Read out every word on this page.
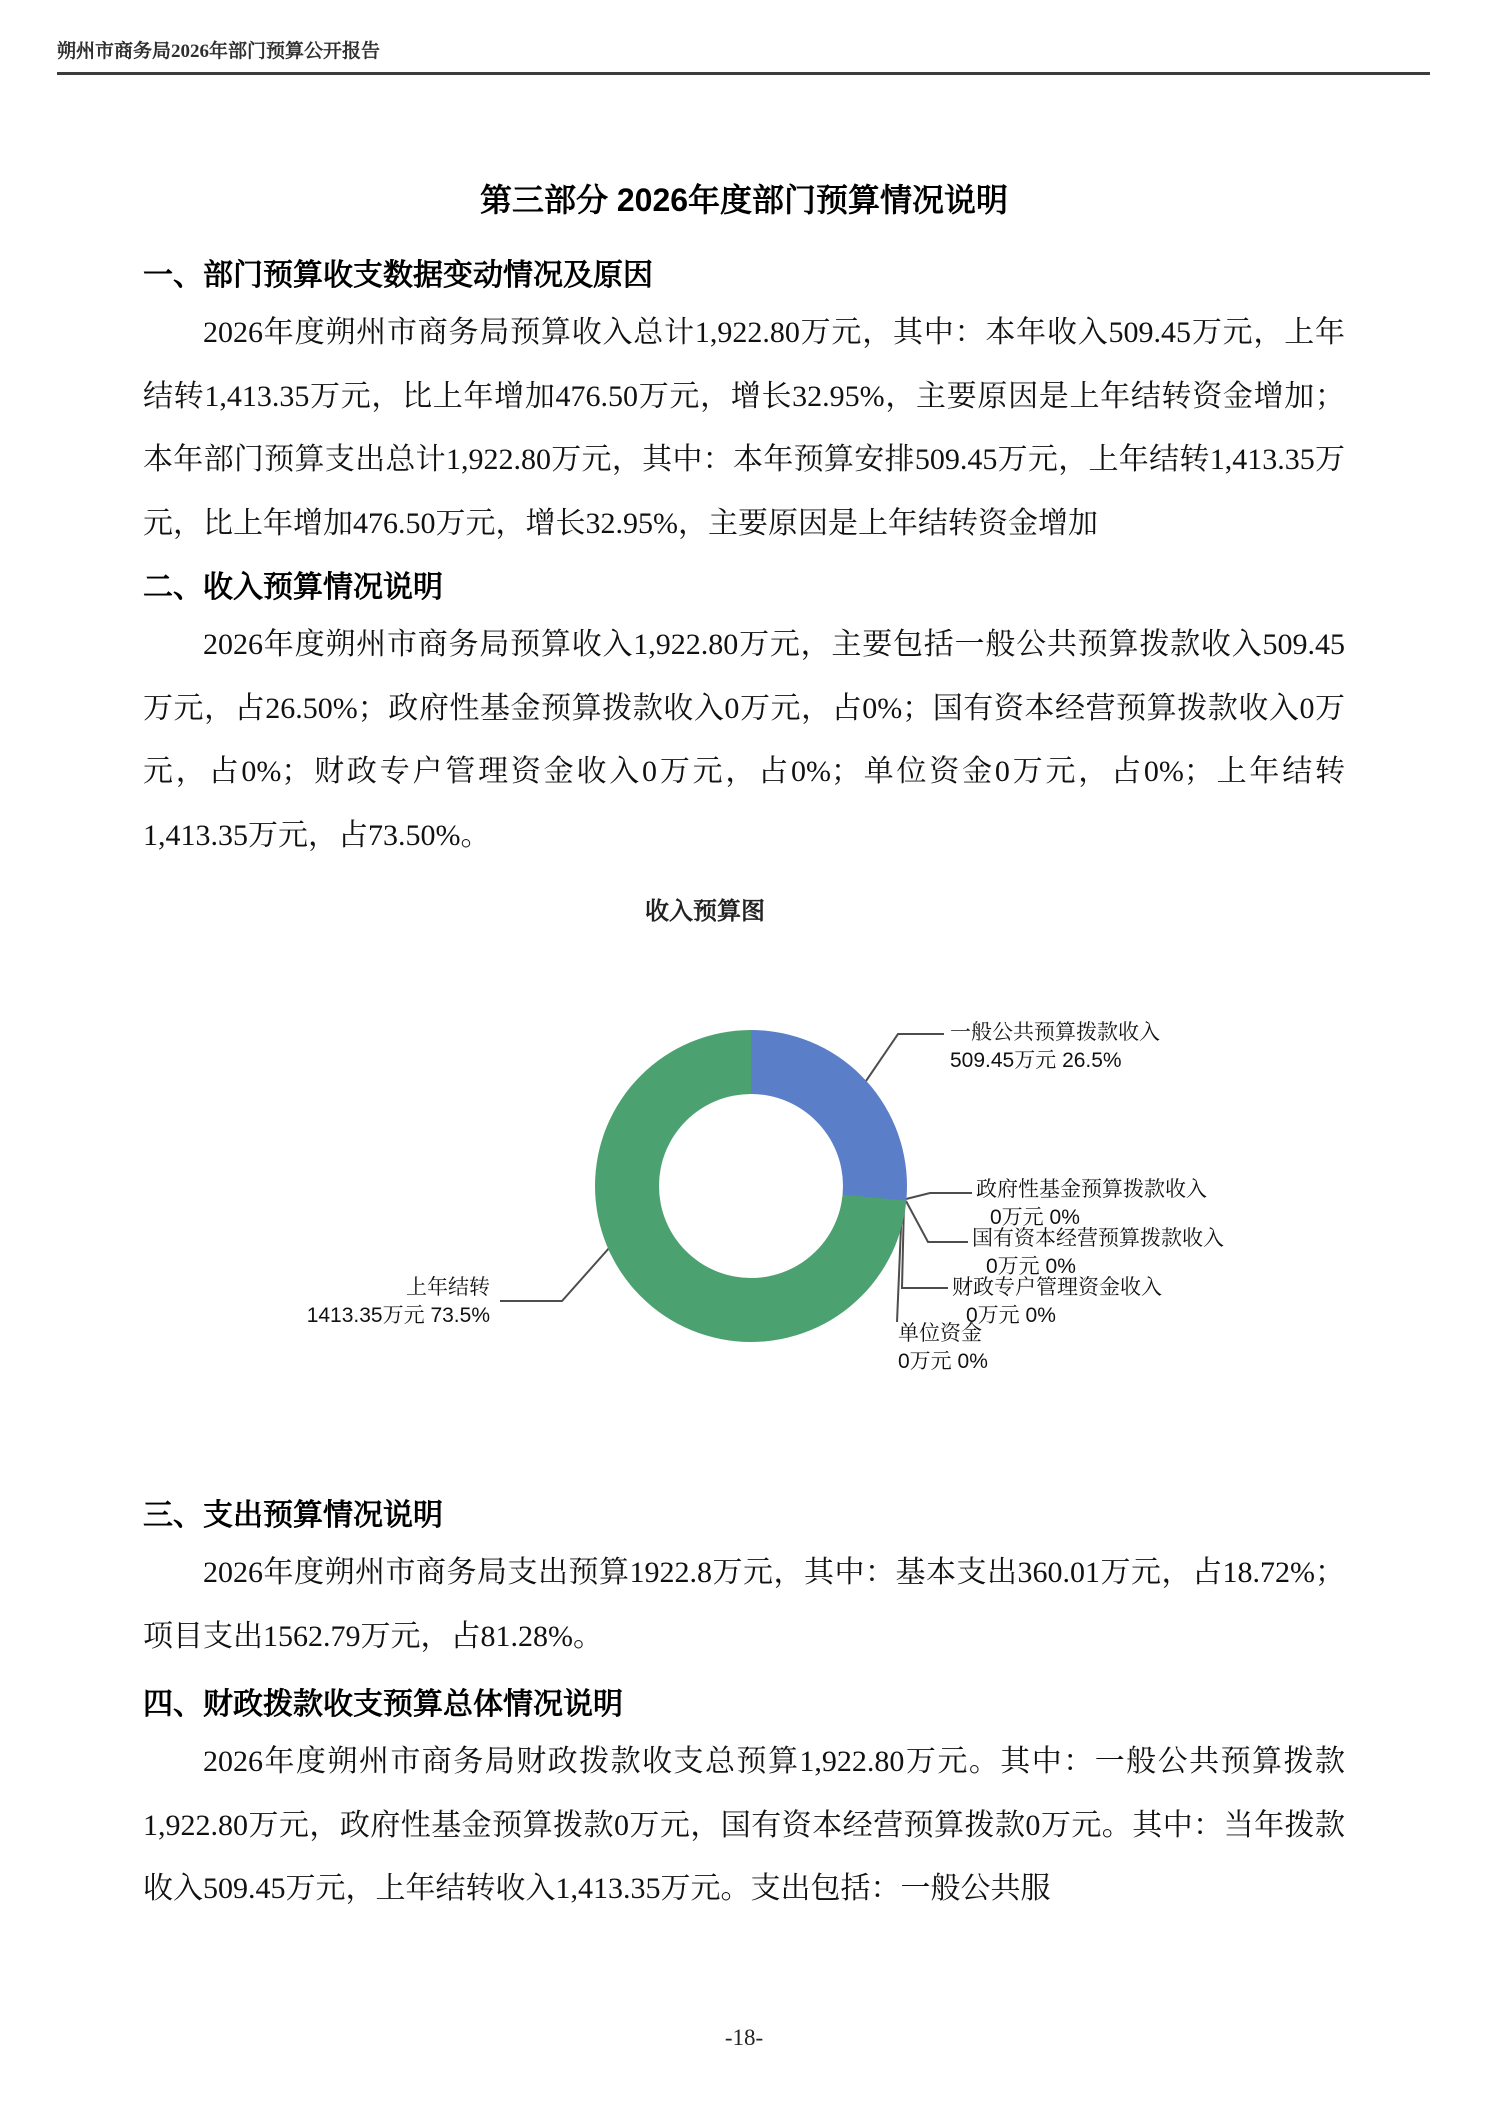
朔州市商务局2026年部门预算公开报告
第三部分 2026年度部门预算情况说明
一、部门预算收支数据变动情况及原因

2026年度朔州市商务局预算收入总计1,922.80万元，其中：本年收入509.45万元，上年结转1,413.35万元，比上年增加476.50万元，增长32.95%，主要原因是上年结转资金增加；本年部门预算支出总计1,922.80万元，其中：本年预算安排509.45万元，上年结转1,413.35万元，比上年增加476.50万元，增长32.95%，主要原因是上年结转资金增加

二、收入预算情况说明

2026年度朔州市商务局预算收入1,922.80万元，主要包括一般公共预算拨款收入509.45万元，占26.50%；政府性基金预算拨款收入0万元，占0%；国有资本经营预算拨款收入0万元，占0%；财政专户管理资金收入0万元，占0%；单位资金0万元，占0%；上年结转1,413.35万元，占73.50%。

收入预算图
一般公共预算拨款收入
509.45万元 26.5%
政府性基金预算拨款收入
0万元 0%
国有资本经营预算拨款收入
0万元 0%
财政专户管理资金收入
0万元 0%
单位资金
0万元 0%
上年结转
1413.35万元 73.5%
三、支出预算情况说明

2026年度朔州市商务局支出预算1922.8万元，其中：基本支出360.01万元，占18.72%；项目支出1562.79万元，占81.28%。

四、财政拨款收支预算总体情况说明

2026年度朔州市商务局财政拨款收支总预算1,922.80万元。其中：一般公共预算拨款1,922.80万元，政府性基金预算拨款0万元，国有资本经营预算拨款0万元。其中：当年拨款收入509.45万元，上年结转收入1,413.35万元。支出包括：一般公共服

-18-
